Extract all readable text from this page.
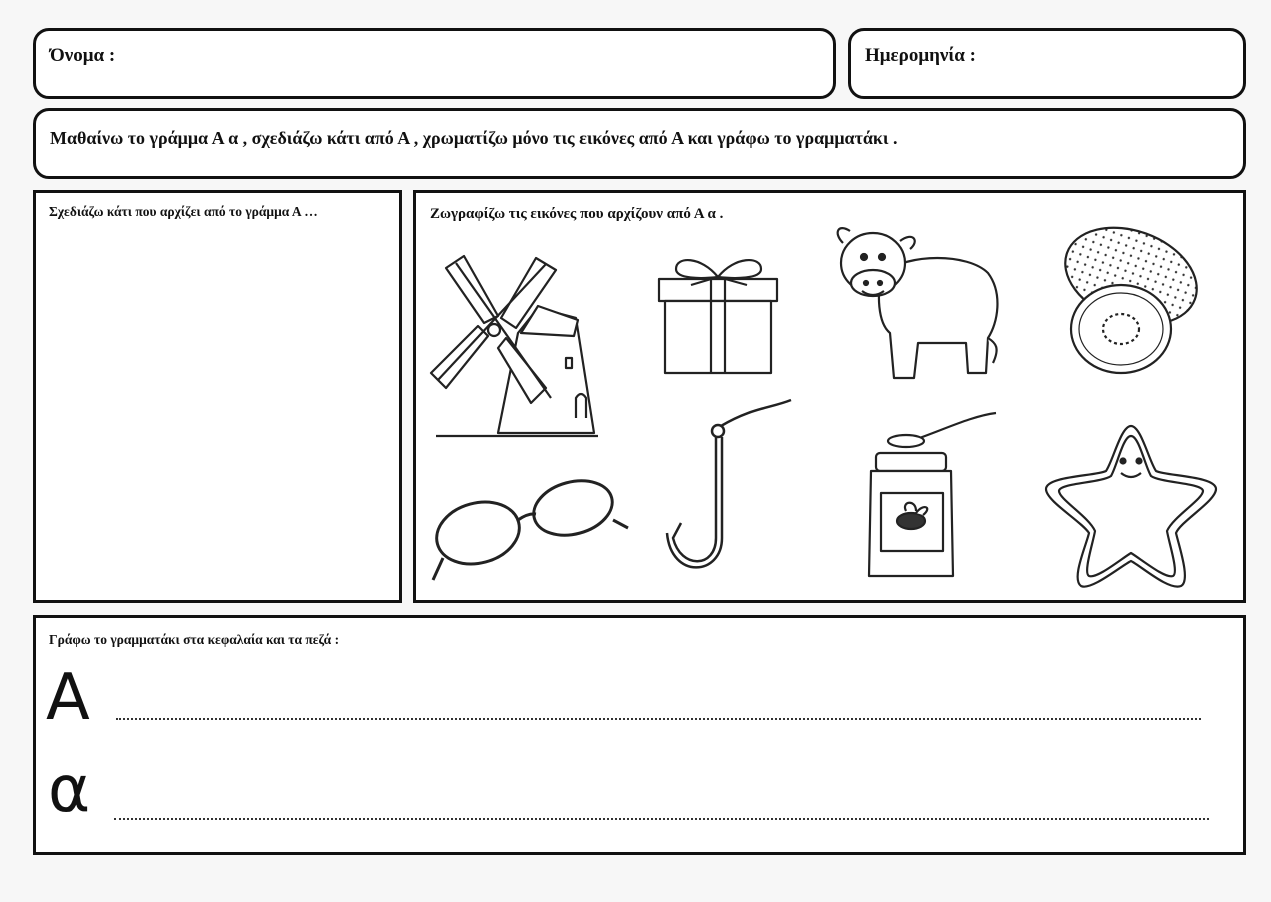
Όνομα :	Ημερομηνία :
Μαθαίνω το γράμμα Α α , σχεδιάζω κάτι από Α , χρωματίζω μόνο τις εικόνες από Α και γράφω το γραμματάκι .
Σχεδιάζω κάτι που αρχίζει από το γράμμα Α …	Ζωγραφίζω τις εικόνες που αρχίζουν από Α α .
Γράφω το γραμματάκι στα κεφαλαία και τα πεζά :
Α
α
